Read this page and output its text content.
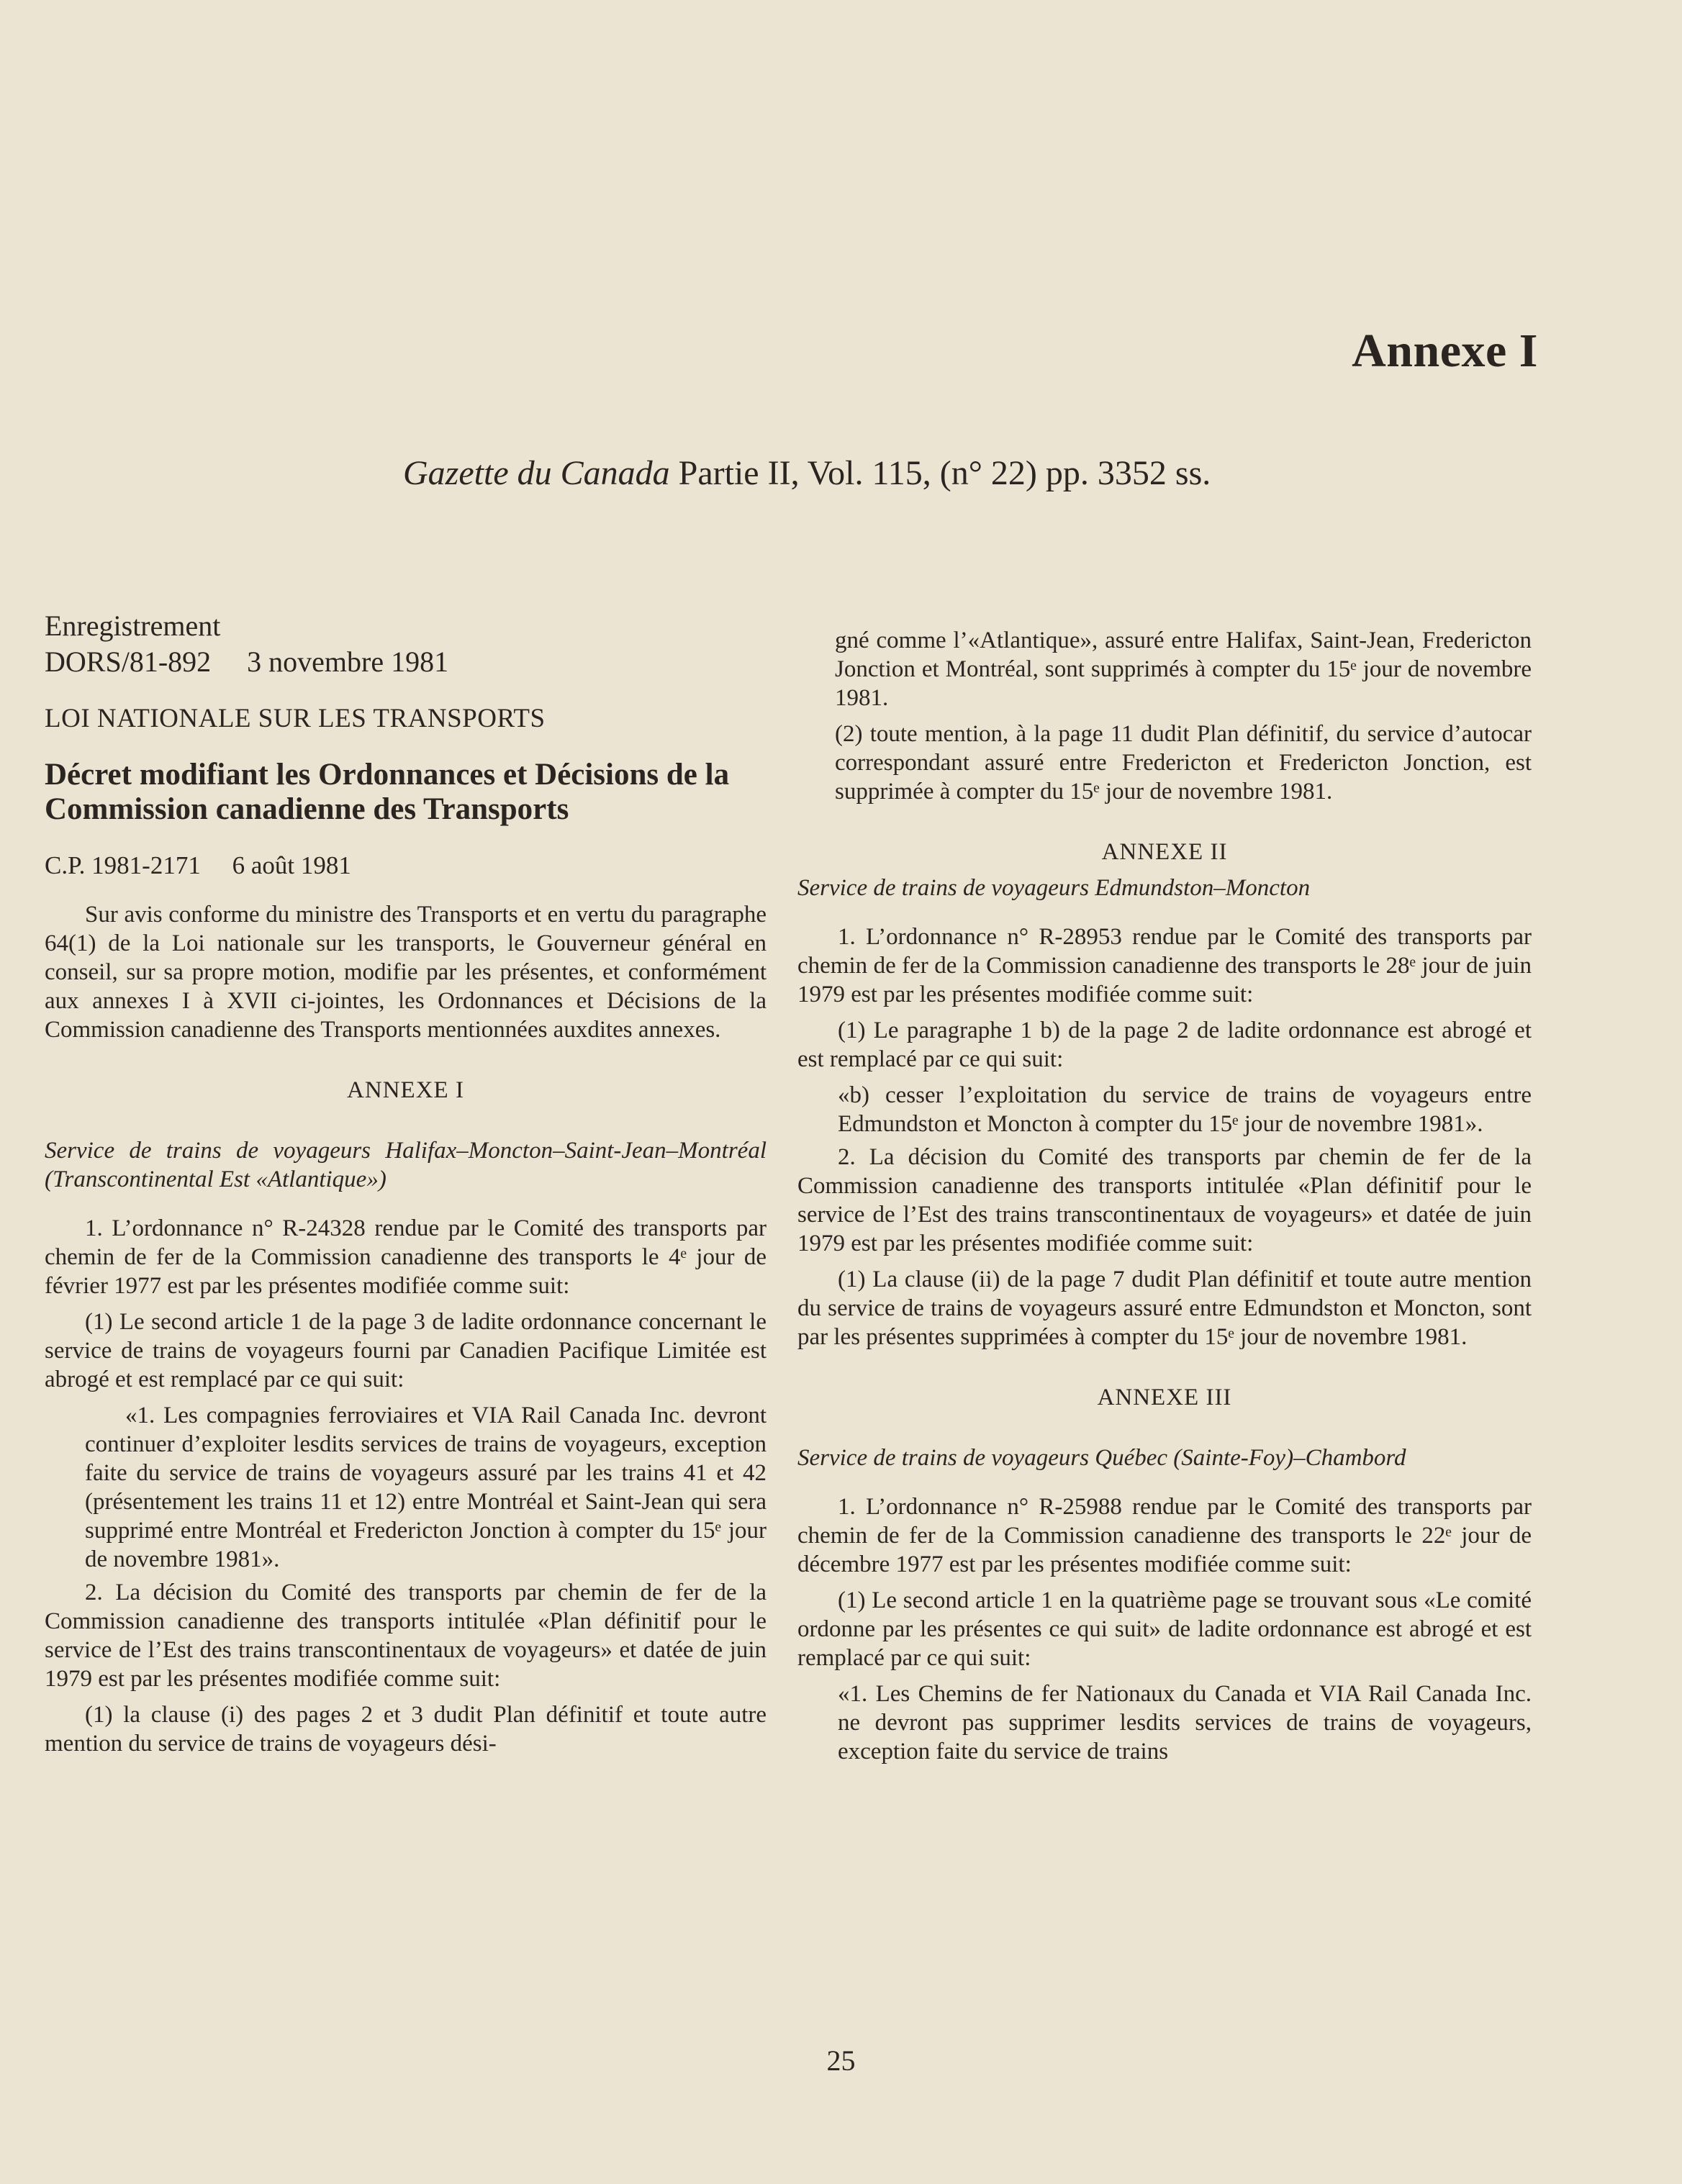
Annexe I
Gazette du Canada Partie II, Vol. 115, (n° 22) pp. 3352 ss.

Enregistrement

DORS/81-892     3 novembre 1981

LOI NATIONALE SUR LES TRANSPORTS

Décret modifiant les Ordonnances et Décisions de la Commission canadienne des Transports

C.P. 1981-2171     6 août 1981

Sur avis conforme du ministre des Transports et en vertu du paragraphe 64(1) de la Loi nationale sur les transports, le Gouverneur général en conseil, sur sa propre motion, modifie par les présentes, et conformément aux annexes I à XVII ci-jointes, les Ordonnances et Décisions de la Commission canadienne des Transports mentionnées auxdites annexes.

ANNEXE I

Service de trains de voyageurs Halifax–Moncton–Saint-Jean–Montréal (Transcontinental Est «Atlantique»)

1. L’ordonnance n° R-24328 rendue par le Comité des transports par chemin de fer de la Commission canadienne des transports le 4ᵉ jour de février 1977 est par les présentes modifiée comme suit:

(1) Le second article 1 de la page 3 de ladite ordonnance concernant le service de trains de voyageurs fourni par Canadien Pacifique Limitée est abrogé et est remplacé par ce qui suit:

«1. Les compagnies ferroviaires et VIA Rail Canada Inc. devront continuer d’exploiter lesdits services de trains de voyageurs, exception faite du service de trains de voyageurs assuré par les trains 41 et 42 (présentement les trains 11 et 12) entre Montréal et Saint-Jean qui sera supprimé entre Montréal et Fredericton Jonction à compter du 15ᵉ jour de novembre 1981».

2. La décision du Comité des transports par chemin de fer de la Commission canadienne des transports intitulée «Plan définitif pour le service de l’Est des trains transcontinentaux de voyageurs» et datée de juin 1979 est par les présentes modifiée comme suit:

(1) la clause (i) des pages 2 et 3 dudit Plan définitif et toute autre mention du service de trains de voyageurs dési-

gné comme l’«Atlantique», assuré entre Halifax, Saint-Jean, Fredericton Jonction et Montréal, sont supprimés à compter du 15ᵉ jour de novembre 1981.

(2) toute mention, à la page 11 dudit Plan définitif, du service d’autocar correspondant assuré entre Fredericton et Fredericton Jonction, est supprimée à compter du 15ᵉ jour de novembre 1981.

ANNEXE II

Service de trains de voyageurs Edmundston–Moncton

1. L’ordonnance n° R-28953 rendue par le Comité des transports par chemin de fer de la Commission canadienne des transports le 28ᵉ jour de juin 1979 est par les présentes modifiée comme suit:

(1) Le paragraphe 1 b) de la page 2 de ladite ordonnance est abrogé et est remplacé par ce qui suit:

«b) cesser l’exploitation du service de trains de voyageurs entre Edmundston et Moncton à compter du 15ᵉ jour de novembre 1981».

2. La décision du Comité des transports par chemin de fer de la Commission canadienne des transports intitulée «Plan définitif pour le service de l’Est des trains transcontinentaux de voyageurs» et datée de juin 1979 est par les présentes modifiée comme suit:

(1) La clause (ii) de la page 7 dudit Plan définitif et toute autre mention du service de trains de voyageurs assuré entre Edmundston et Moncton, sont par les présentes supprimées à compter du 15ᵉ jour de novembre 1981.

ANNEXE III

Service de trains de voyageurs Québec (Sainte-Foy)–Chambord

1. L’ordonnance n° R-25988 rendue par le Comité des transports par chemin de fer de la Commission canadienne des transports le 22ᵉ jour de décembre 1977 est par les présentes modifiée comme suit:

(1) Le second article 1 en la quatrième page se trouvant sous «Le comité ordonne par les présentes ce qui suit» de ladite ordonnance est abrogé et est remplacé par ce qui suit:

«1. Les Chemins de fer Nationaux du Canada et VIA Rail Canada Inc. ne devront pas supprimer lesdits services de trains de voyageurs, exception faite du service de trains

25
